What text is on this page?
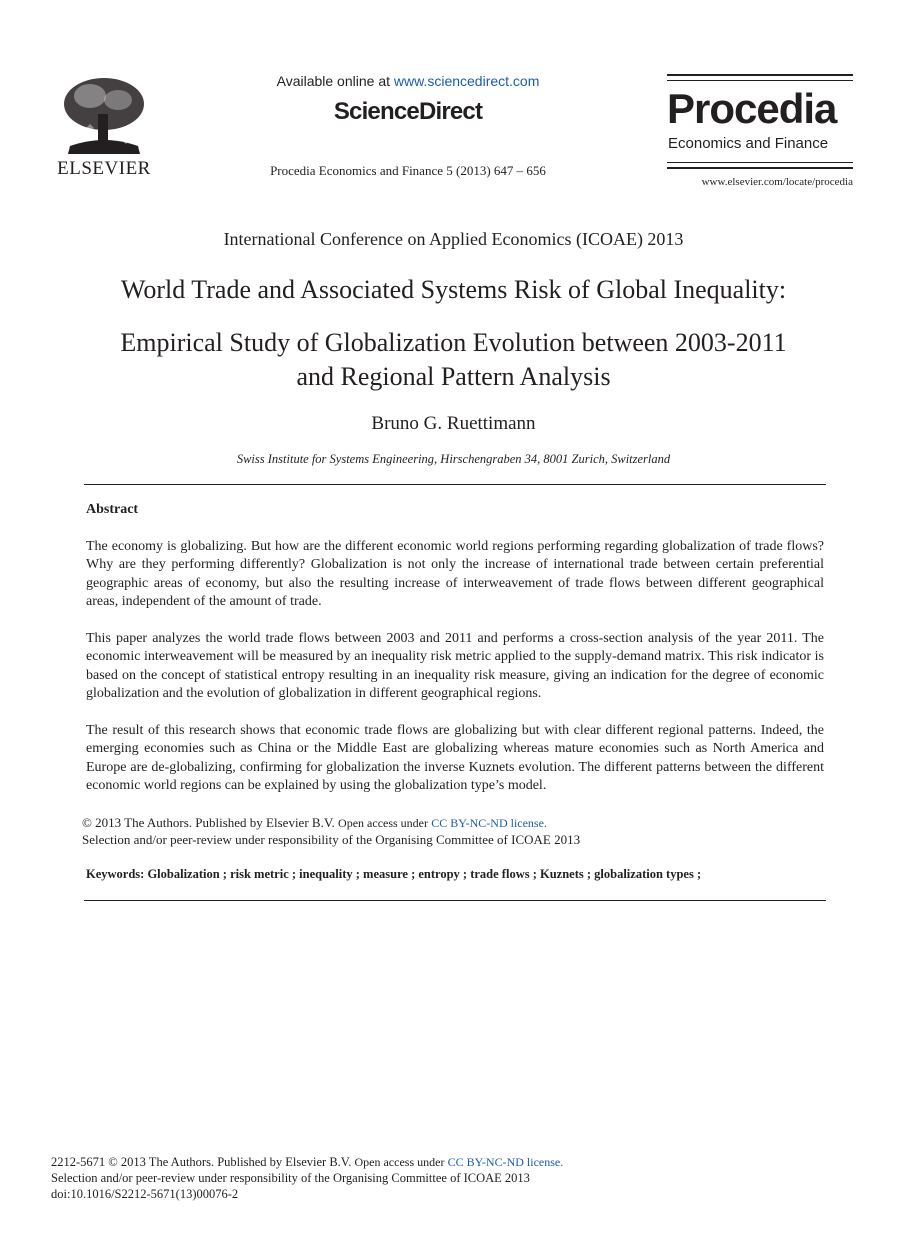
ELSEVIER
Available online at www.sciencedirect.com
ScienceDirect
Procedia Economics and Finance 5 (2013) 647 – 656
Procedia
Economics and Finance
www.elsevier.com/locate/procedia
International Conference on Applied Economics (ICOAE) 2013
World Trade and Associated Systems Risk of Global Inequality:
Empirical Study of Globalization Evolution between 2003-2011
and Regional Pattern Analysis
Bruno G. Ruettimann
Swiss Institute for Systems Engineering, Hirschengraben 34, 8001 Zurich, Switzerland
Abstract
The economy is globalizing. But how are the different economic world regions performing regarding globalization of trade flows? Why are they performing differently? Globalization is not only the increase of international trade between certain preferential geographic areas of economy, but also the resulting increase of interweavement of trade flows between different geographical areas, independent of the amount of trade.
This paper analyzes the world trade flows between 2003 and 2011 and performs a cross-section analysis of the year 2011. The economic interweavement will be measured by an inequality risk metric applied to the supply-demand matrix. This risk indicator is based on the concept of statistical entropy resulting in an inequality risk measure, giving an indication for the degree of economic globalization and the evolution of globalization in different geographical regions.
The result of this research shows that economic trade flows are globalizing but with clear different regional patterns. Indeed, the emerging economies such as China or the Middle East are globalizing whereas mature economies such as North America and Europe are de-globalizing, confirming for globalization the inverse Kuznets evolution. The different patterns between the different economic world regions can be explained by using the globalization type’s model.
© 2013 The Authors. Published by Elsevier B.V. Open access under CC BY-NC-ND license.
Selection and/or peer-review under responsibility of the Organising Committee of ICOAE 2013
Keywords: Globalization ; risk metric ; inequality ; measure ; entropy ; trade flows ; Kuznets ; globalization types ;
2212-5671 © 2013 The Authors. Published by Elsevier B.V. Open access under CC BY-NC-ND license.
Selection and/or peer-review under responsibility of the Organising Committee of ICOAE 2013
doi:10.1016/S2212-5671(13)00076-2
